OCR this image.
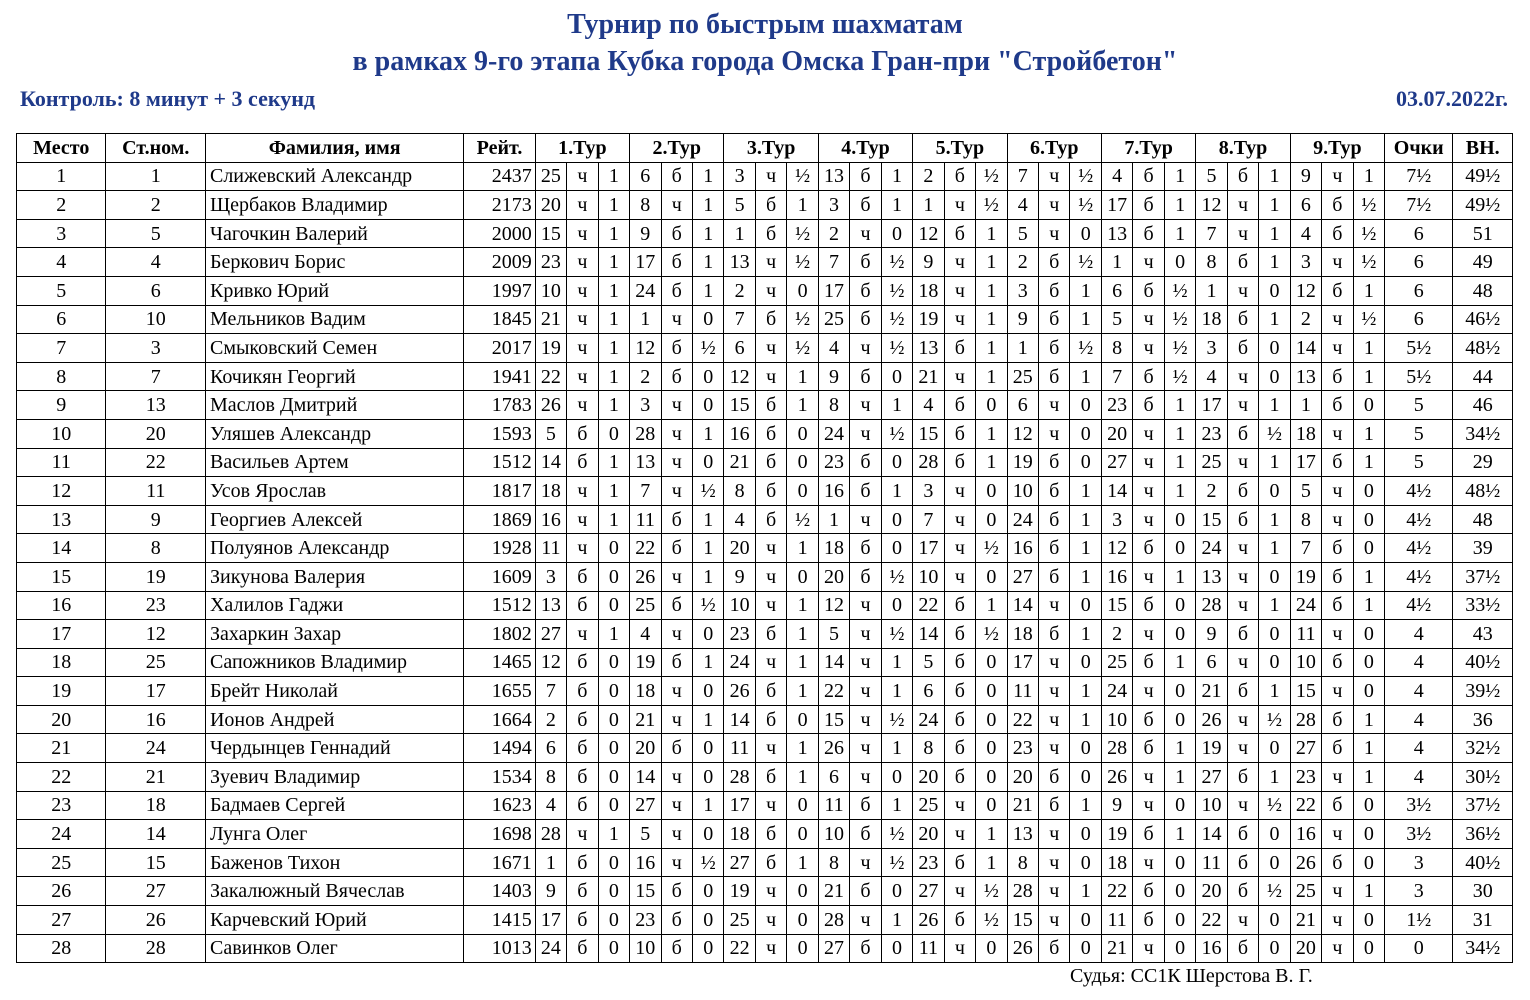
Турнир по быстрым шахматам
в рамках 9-го этапа Кубка города Омска Гран-при "Стройбетон"
Контроль: 8 минут + 3 секунд	03.07.2022г.
Место	Ст.ном.	Фамилия, имя	Рейт.	1.Тур			2.Тур			3.Тур			4.Тур			5.Тур			6.Тур			7.Тур			8.Тур			9.Тур			Очки	ВН.
1	1	Слижевский Александр	2437	25	ч	1	6	б	1	3	ч	½	13	б	1	2	б	½	7	ч	½	4	б	1	5	б	1	9	ч	1	7½	49½
2	2	Щербаков Владимир	2173	20	ч	1	8	ч	1	5	б	1	3	б	1	1	ч	½	4	ч	½	17	б	1	12	ч	1	6	б	½	7½	49½
3	5	Чагочкин Валерий	2000	15	ч	1	9	б	1	1	б	½	2	ч	0	12	б	1	5	ч	0	13	б	1	7	ч	1	4	б	½	6	51
4	4	Беркович Борис	2009	23	ч	1	17	б	1	13	ч	½	7	б	½	9	ч	1	2	б	½	1	ч	0	8	б	1	3	ч	½	6	49
5	6	Кривко Юрий	1997	10	ч	1	24	б	1	2	ч	0	17	б	½	18	ч	1	3	б	1	6	б	½	1	ч	0	12	б	1	6	48
6	10	Мельников Вадим	1845	21	ч	1	1	ч	0	7	б	½	25	б	½	19	ч	1	9	б	1	5	ч	½	18	б	1	2	ч	½	6	46½
7	3	Смыковский Семен	2017	19	ч	1	12	б	½	6	ч	½	4	ч	½	13	б	1	1	б	½	8	ч	½	3	б	0	14	ч	1	5½	48½
8	7	Кочикян Георгий	1941	22	ч	1	2	б	0	12	ч	1	9	б	0	21	ч	1	25	б	1	7	б	½	4	ч	0	13	б	1	5½	44
9	13	Маслов Дмитрий	1783	26	ч	1	3	ч	0	15	б	1	8	ч	1	4	б	0	6	ч	0	23	б	1	17	ч	1	1	б	0	5	46
10	20	Уляшев Александр	1593	5	б	0	28	ч	1	16	б	0	24	ч	½	15	б	1	12	ч	0	20	ч	1	23	б	½	18	ч	1	5	34½
11	22	Васильев Артем	1512	14	б	1	13	ч	0	21	б	0	23	б	0	28	б	1	19	б	0	27	ч	1	25	ч	1	17	б	1	5	29
12	11	Усов Ярослав	1817	18	ч	1	7	ч	½	8	б	0	16	б	1	3	ч	0	10	б	1	14	ч	1	2	б	0	5	ч	0	4½	48½
13	9	Георгиев Алексей	1869	16	ч	1	11	б	1	4	б	½	1	ч	0	7	ч	0	24	б	1	3	ч	0	15	б	1	8	ч	0	4½	48
14	8	Полуянов Александр	1928	11	ч	0	22	б	1	20	ч	1	18	б	0	17	ч	½	16	б	1	12	б	0	24	ч	1	7	б	0	4½	39
15	19	Зикунова Валерия	1609	3	б	0	26	ч	1	9	ч	0	20	б	½	10	ч	0	27	б	1	16	ч	1	13	ч	0	19	б	1	4½	37½
16	23	Халилов Гаджи	1512	13	б	0	25	б	½	10	ч	1	12	ч	0	22	б	1	14	ч	0	15	б	0	28	ч	1	24	б	1	4½	33½
17	12	Захаркин Захар	1802	27	ч	1	4	ч	0	23	б	1	5	ч	½	14	б	½	18	б	1	2	ч	0	9	б	0	11	ч	0	4	43
18	25	Сапожников Владимир	1465	12	б	0	19	б	1	24	ч	1	14	ч	1	5	б	0	17	ч	0	25	б	1	6	ч	0	10	б	0	4	40½
19	17	Брейт Николай	1655	7	б	0	18	ч	0	26	б	1	22	ч	1	6	б	0	11	ч	1	24	ч	0	21	б	1	15	ч	0	4	39½
20	16	Ионов Андрей	1664	2	б	0	21	ч	1	14	б	0	15	ч	½	24	б	0	22	ч	1	10	б	0	26	ч	½	28	б	1	4	36
21	24	Чердынцев Геннадий	1494	6	б	0	20	б	0	11	ч	1	26	ч	1	8	б	0	23	ч	0	28	б	1	19	ч	0	27	б	1	4	32½
22	21	Зуевич Владимир	1534	8	б	0	14	ч	0	28	б	1	6	ч	0	20	б	0	20	б	0	26	ч	1	27	б	1	23	ч	1	4	30½
23	18	Бадмаев Сергей	1623	4	б	0	27	ч	1	17	ч	0	11	б	1	25	ч	0	21	б	1	9	ч	0	10	ч	½	22	б	0	3½	37½
24	14	Лунга Олег	1698	28	ч	1	5	ч	0	18	б	0	10	б	½	20	ч	1	13	ч	0	19	б	1	14	б	0	16	ч	0	3½	36½
25	15	Баженов Тихон	1671	1	б	0	16	ч	½	27	б	1	8	ч	½	23	б	1	8	ч	0	18	ч	0	11	б	0	26	б	0	3	40½
26	27	Закалюжный Вячеслав	1403	9	б	0	15	б	0	19	ч	0	21	б	0	27	ч	½	28	ч	1	22	б	0	20	б	½	25	ч	1	3	30
27	26	Карчевский Юрий	1415	17	б	0	23	б	0	25	ч	0	28	ч	1	26	б	½	15	ч	0	11	б	0	22	ч	0	21	ч	0	1½	31
28	28	Савинков Олег	1013	24	б	0	10	б	0	22	ч	0	27	б	0	11	ч	0	26	б	0	21	ч	0	16	б	0	20	ч	0	0	34½
Судья: СС1К Шерстова В. Г.
